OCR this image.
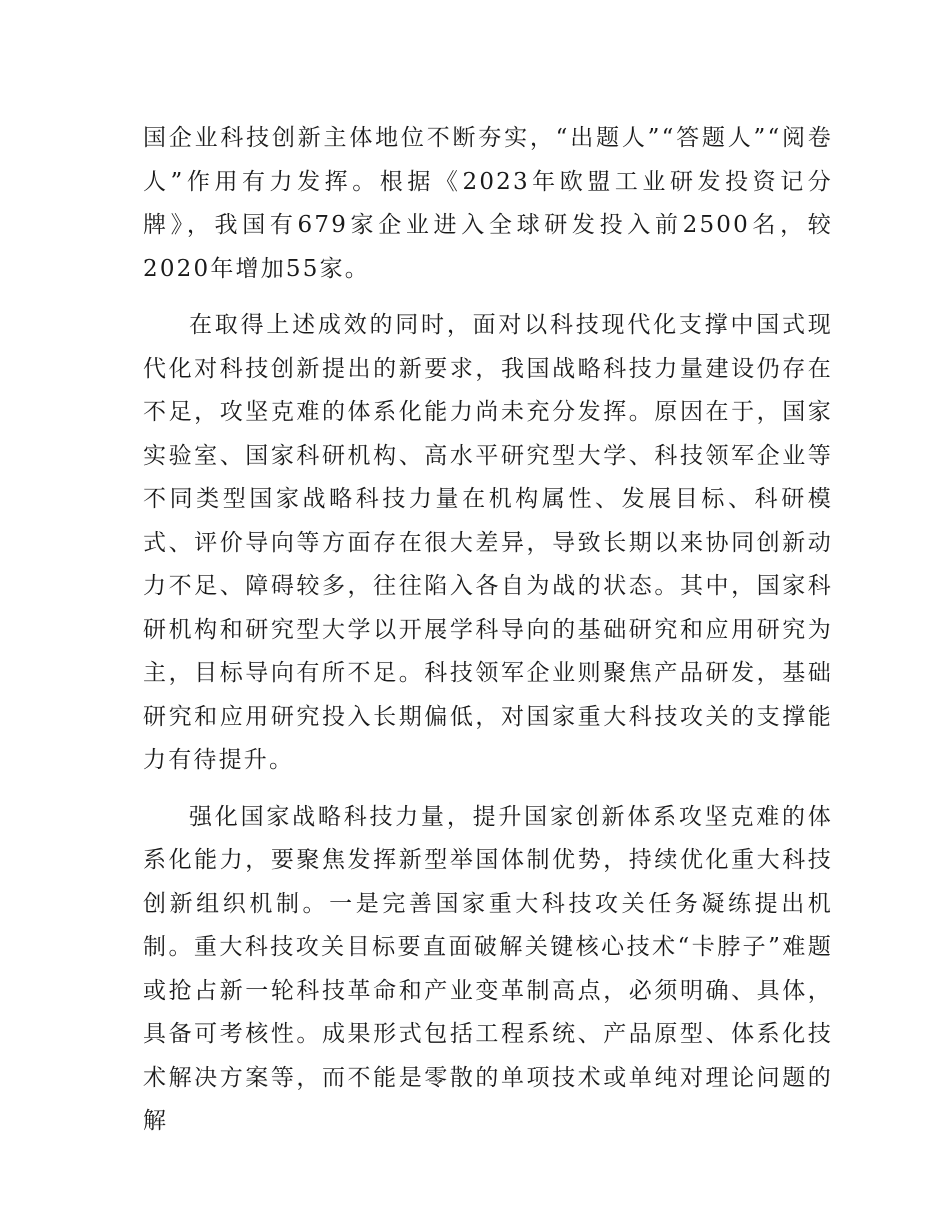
国企业科技创新主体地位不断夯实，“出题人”“答题人”“阅卷人”作用有力发挥。根据《2023年欧盟工业研发投资记分牌》，我国有679家企业进入全球研发投入前2500名，较2020年增加55家。

在取得上述成效的同时，面对以科技现代化支撑中国式现代化对科技创新提出的新要求，我国战略科技力量建设仍存在不足，攻坚克难的体系化能力尚未充分发挥。原因在于，国家实验室、国家科研机构、高水平研究型大学、科技领军企业等不同类型国家战略科技力量在机构属性、发展目标、科研模式、评价导向等方面存在很大差异，导致长期以来协同创新动力不足、障碍较多，往往陷入各自为战的状态。其中，国家科研机构和研究型大学以开展学科导向的基础研究和应用研究为主，目标导向有所不足。科技领军企业则聚焦产品研发，基础研究和应用研究投入长期偏低，对国家重大科技攻关的支撑能力有待提升。

强化国家战略科技力量，提升国家创新体系攻坚克难的体系化能力，要聚焦发挥新型举国体制优势，持续优化重大科技创新组织机制。一是完善国家重大科技攻关任务凝练提出机制。重大科技攻关目标要直面破解关键核心技术“卡脖子”难题或抢占新一轮科技革命和产业变革制高点，必须明确、具体，具备可考核性。成果形式包括工程系统、产品原型、体系化技术解决方案等，而不能是零散的单项技术或单纯对理论问题的解
